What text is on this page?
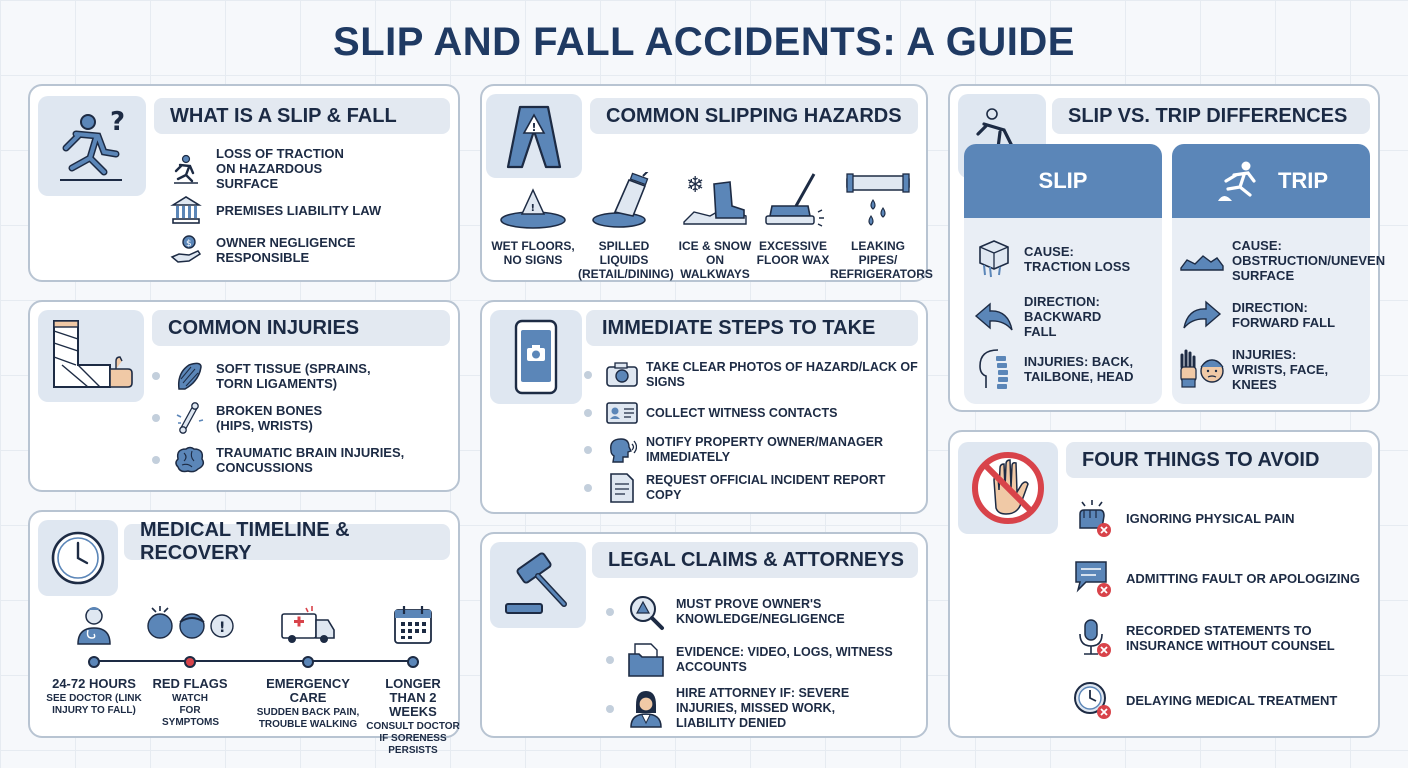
SLIP AND FALL ACCIDENTS: A GUIDE
?	WHAT IS A SLIP & FALL
LOSS OF TRACTION ON HAZARDOUS SURFACE
PREMISES LIABILITY LAW
$ OWNER NEGLIGENCE RESPONSIBLE
!
COMMON SLIPPING HAZARDS
!
WET FLOORS, NO SIGNS
SPILLED LIQUIDS (RETAIL/DINING)
❄
ICE & SNOW ON WALKWAYS
EXCESSIVE FLOOR WAX
LEAKING PIPES/ REFRIGERATORS
SLIP VS. TRIP DIFFERENCES
SLIP
CAUSE: TRACTION LOSS
DIRECTION: BACKWARD FALL
INJURIES: BACK, TAILBONE, HEAD
TRIP
CAUSE: OBSTRUCTION/UNEVEN SURFACE
DIRECTION: FORWARD FALL
INJURIES: WRISTS, FACE, KNEES
COMMON INJURIES
SOFT TISSUE (SPRAINS, TORN LIGAMENTS)
BROKEN BONES (HIPS, WRISTS)
TRAUMATIC BRAIN INJURIES, CONCUSSIONS
IMMEDIATE STEPS TO TAKE
TAKE CLEAR PHOTOS OF HAZARD/LACK OF SIGNS
COLLECT WITNESS CONTACTS
NOTIFY PROPERTY OWNER/MANAGER IMMEDIATELY
REQUEST OFFICIAL INCIDENT REPORT COPY
FOUR THINGS TO AVOID
IGNORING PHYSICAL PAIN
ADMITTING FAULT OR APOLOGIZING
RECORDED STATEMENTS TO INSURANCE WITHOUT COUNSEL
DELAYING MEDICAL TREATMENT
MEDICAL TIMELINE & RECOVERY
24-72 HOURS
SEE DOCTOR (LINK INJURY TO FALL)
!
RED FLAGS
WATCH FOR SYMPTOMS
EMERGENCY CARE
SUDDEN BACK PAIN, TROUBLE WALKING
LONGER THAN 2 WEEKS
CONSULT DOCTOR IF SORENESS PERSISTS
LEGAL CLAIMS & ATTORNEYS
MUST PROVE OWNER'S KNOWLEDGE/NEGLIGENCE
EVIDENCE: VIDEO, LOGS, WITNESS ACCOUNTS
HIRE ATTORNEY IF: SEVERE INJURIES, MISSED WORK, LIABILITY DENIED
